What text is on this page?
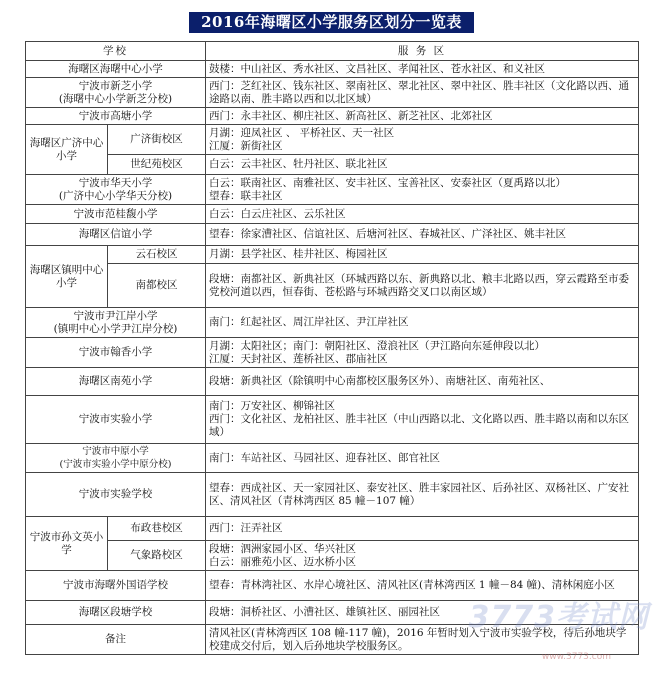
2016年海曙区小学服务区划分一览表
学校		服 务 区
海曙区海曙中心小学		鼓楼：中山社区、秀水社区、文昌社区、孝闻社区、苍水社区、和义社区
宁波市新芝小学
(海曙中心小学新芝分校)		西门：芝红社区、钱东社区、翠南社区、翠北社区、翠中社区、胜丰社区（文化路以西、通途路以南、胜丰路以西和以北区域）
宁波市高塘小学		西门：永丰社区、柳庄社区、新高社区、新芝社区、北郊社区
海曙区广济中心小学	广济街校区	月湖：迎凤社区 、 平桥社区、天一社区
江厦：新街社区
	世纪苑校区	白云：云丰社区、牡丹社区、联北社区
宁波市华天小学
(广济中心小学华天分校)		白云：联南社区、南雅社区、安丰社区、宝善社区、安泰社区（夏禹路以北）
望春：联丰社区
宁波市范桂馥小学		白云：白云庄社区、云乐社区
海曙区信谊小学		望春：徐家漕社区、信谊社区、后塘河社区、春城社区、广泽社区、姚丰社区
海曙区镇明中心小学	云石校区	月湖：县学社区、桂井社区、梅园社区
	南都校区	段塘：南都社区、新典社区（环城西路以东、新典路以北、粮丰北路以西，穿云霞路至市委党校河道以西，恒春街、苍松路与环城西路交叉口以南区域）
宁波市尹江岸小学
(镇明中心小学尹江岸分校)		南门：红起社区、周江岸社区、尹江岸社区
宁波市翰香小学		月湖：太阳社区；南门：朝阳社区、澄浪社区（尹江路向东延伸段以北）
江厦：天封社区、莲桥社区、郡庙社区
海曙区南苑小学		段塘：新典社区（除镇明中心南都校区服务区外）、南塘社区、南苑社区、
宁波市实验小学		南门：万安社区、柳锦社区
西门：文化社区、龙柏社区、胜丰社区（中山西路以北、文化路以西、胜丰路以南和以东区域）
宁波市中原小学
(宁波市实验小学中原分校)		南门：车站社区、马园社区、迎春社区、郎官社区
宁波市实验学校		望春：西成社区、天一家园社区、泰安社区、胜丰家园社区、后孙社区、双杨社区、广安社区、清风社区（青林湾西区 85 幢－107 幢）
宁波市孙文英小学	布政巷校区	西门：汪弄社区
	气象路校区	段塘：泗洲家园小区、华兴社区
白云：丽雅苑小区、迈水桥小区
宁波市海曙外国语学校		望春：青林湾社区、水岸心境社区、清风社区(青林湾西区 1 幢－84 幢)、清林闲庭小区
海曙区段塘学校		段塘：洞桥社区、小漕社区、雄镇社区、丽园社区
备注		清风社区(青林湾西区 108 幢-117 幢)，2016 年暂时划入宁波市实验学校，待后孙地块学校建成交付后，划入后孙地块学校服务区。
3773考试网
www.3773.com
